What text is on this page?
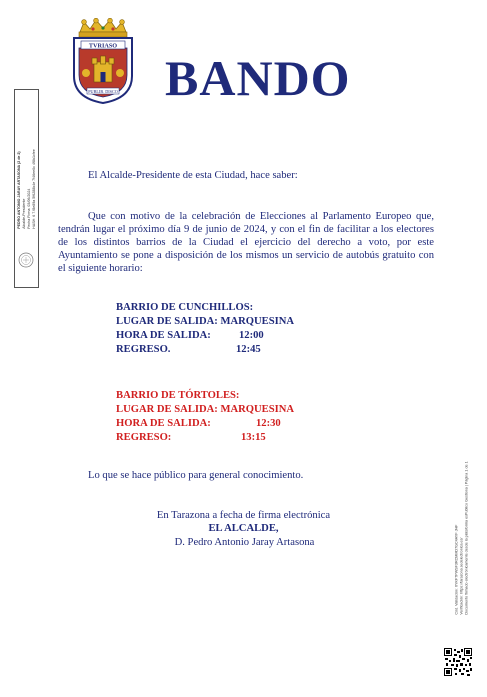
TVRIASO
PUBLIB. DISCO BANDO
PEDRO ANTONIO JARAY ARTASONA (2 de 2) Alcalde-Presidente Fecha Firma: 03/06/2024 HASH: 6 7.f8e89a 5f6288b4e 7f46ee0c 4f8b1cfee	El Alcalde-Presidente de esta Ciudad, hace saber:
Que con motivo de la celebración de Elecciones al Parlamento Europeo que, tendrán lugar el próximo día 9 de junio de 2024, y con el fin de facilitar a los electores de los distintos barrios de la Ciudad el ejercicio del derecho a voto, por este Ayuntamiento se pone a disposición de los mismos un servicio de autobús gratuito con el siguiente horario:
BARRIO DE CUNCHILLOS:
LUGAR DE SALIDA: MARQUESINA
HORA DE SALIDA:	12:00
REGRESO.	12:45
BARRIO DE TÓRTOLES:
LUGAR DE SALIDA: MARQUESINA
HORA DE SALIDA:	12:30
REGRESO:	13:15
Lo que se hace público para general conocimiento.
En Tarazona a fecha de firma electrónica
EL ALCALDE,
D. Pedro Antonio Jaray Artasona	Cód. Validación: 6YKF7PWSF3RCMMD7GC4AYF JHF Verificación: https://tarazona.sedelectronica.es/ Documento firmado electrónicamente desde la plataforma esPublico Gestiona | Página 1 de 1
